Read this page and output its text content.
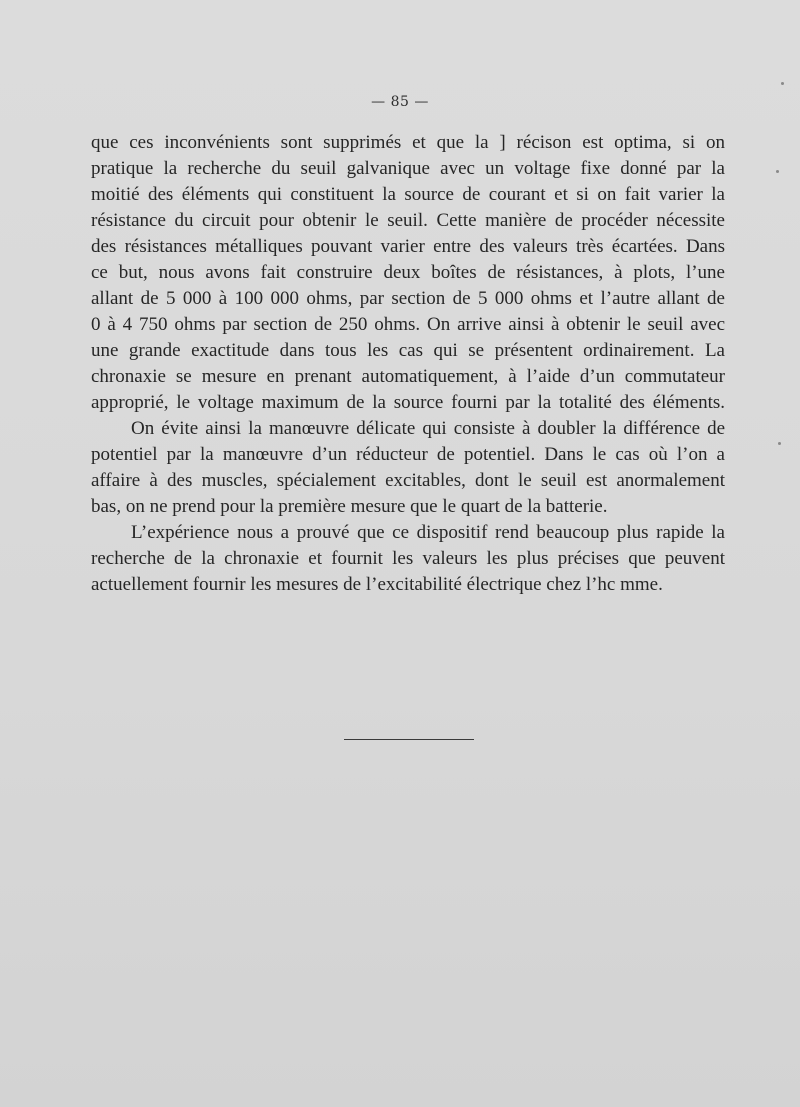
— 85 —
que ces inconvénients sont supprimés et que la ] récison est optima, si on
pratique la recherche du seuil galvanique avec un voltage fixe donné par la
moitié des éléments qui constituent la source de courant et si on fait varier la
résistance du circuit pour obtenir le seuil. Cette manière de procéder nécessite
des résistances métalliques pouvant varier entre des valeurs très écartées. Dans
ce but, nous avons fait construire deux boîtes de résistances, à plots, l’une
allant de 5 000 à 100 000 ohms, par section de 5 000 ohms et l’autre allant de
0 à 4 750 ohms par section de 250 ohms. On arrive ainsi à obtenir le seuil avec
une grande exactitude dans tous les cas qui se présentent ordinairement. La
chronaxie se mesure en prenant automatiquement, à l’aide d’un commutateur
approprié, le voltage maximum de la source fourni par la totalité des éléments.
On évite ainsi la manœuvre délicate qui consiste à doubler la différence de
potentiel par la manœuvre d’un réducteur de potentiel. Dans le cas où l’on a
affaire à des muscles, spécialement excitables, dont le seuil est anormalement
bas, on ne prend pour la première mesure que le quart de la batterie.
L’expérience nous a prouvé que ce dispositif rend beaucoup plus rapide la
recherche de la chronaxie et fournit les valeurs les plus précises que peuvent
actuellement fournir les mesures de l’excitabilité électrique chez l’hc mme.
